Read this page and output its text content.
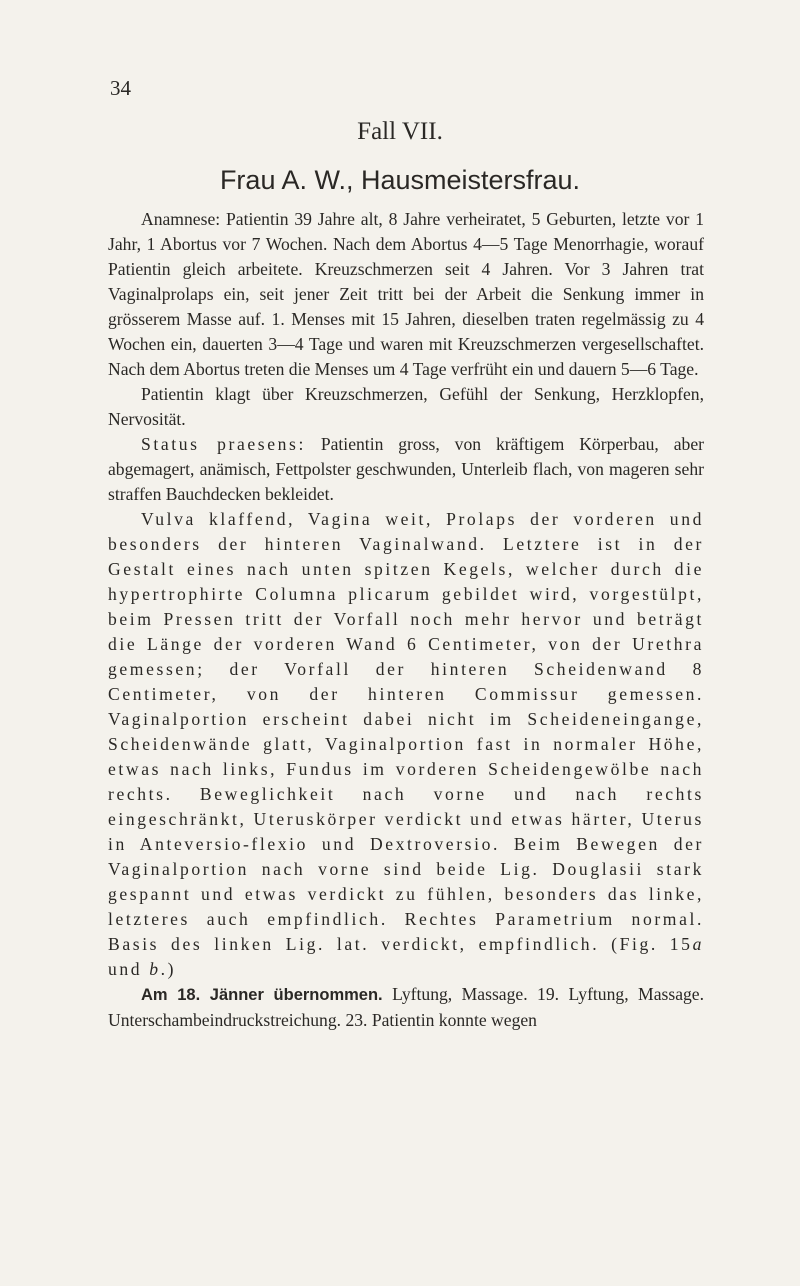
34
Fall VII.
Frau A. W., Hausmeistersfrau.

Anamnese: Patientin 39 Jahre alt, 8 Jahre verheiratet, 5 Geburten, letzte vor 1 Jahr, 1 Abortus vor 7 Wochen. Nach dem Abortus 4—5 Tage Menorrhagie, worauf Patientin gleich arbeitete. Kreuzschmerzen seit 4 Jahren. Vor 3 Jahren trat Vaginalprolaps ein, seit jener Zeit tritt bei der Arbeit die Senkung immer in grösserem Masse auf. 1. Menses mit 15 Jahren, dieselben traten regelmässig zu 4 Wochen ein, dauerten 3—4 Tage und waren mit Kreuzschmerzen vergesellschaftet. Nach dem Abortus treten die Menses um 4 Tage verfrüht ein und dauern 5—6 Tage.

Patientin klagt über Kreuzschmerzen, Gefühl der Senkung, Herzklopfen, Nervosität.

Status praesens: Patientin gross, von kräftigem Körperbau, aber abgemagert, anämisch, Fettpolster geschwunden, Unterleib flach, von mageren sehr straffen Bauchdecken bekleidet.

Vulva klaffend, Vagina weit, Prolaps der vorderen und besonders der hinteren Vaginalwand. Letztere ist in der Gestalt eines nach unten spitzen Kegels, welcher durch die hypertrophirte Columna plicarum gebildet wird, vorgestülpt, beim Pressen tritt der Vorfall noch mehr hervor und beträgt die Länge der vorderen Wand 6 Centimeter, von der Urethra gemessen; der Vorfall der hinteren Scheidenwand 8 Centimeter, von der hinteren Commissur gemessen. Vaginalportion erscheint dabei nicht im Scheideneingange, Scheidenwände glatt, Vaginalportion fast in normaler Höhe, etwas nach links, Fundus im vorderen Scheidengewölbe nach rechts. Beweglichkeit nach vorne und nach rechts eingeschränkt, Uteruskörper verdickt und etwas härter, Uterus in Anteversio-flexio und Dextroversio. Beim Bewegen der Vaginalportion nach vorne sind beide Lig. Douglasii stark gespannt und etwas verdickt zu fühlen, besonders das linke, letzteres auch empfindlich. Rechtes Parametrium normal. Basis des linken Lig. lat. verdickt, empfindlich. (Fig. 15a und b.)

Am 18. Jänner übernommen. Lyftung, Massage. 19. Lyftung, Massage. Unterschambeindruckstreichung. 23. Patientin konnte wegen
